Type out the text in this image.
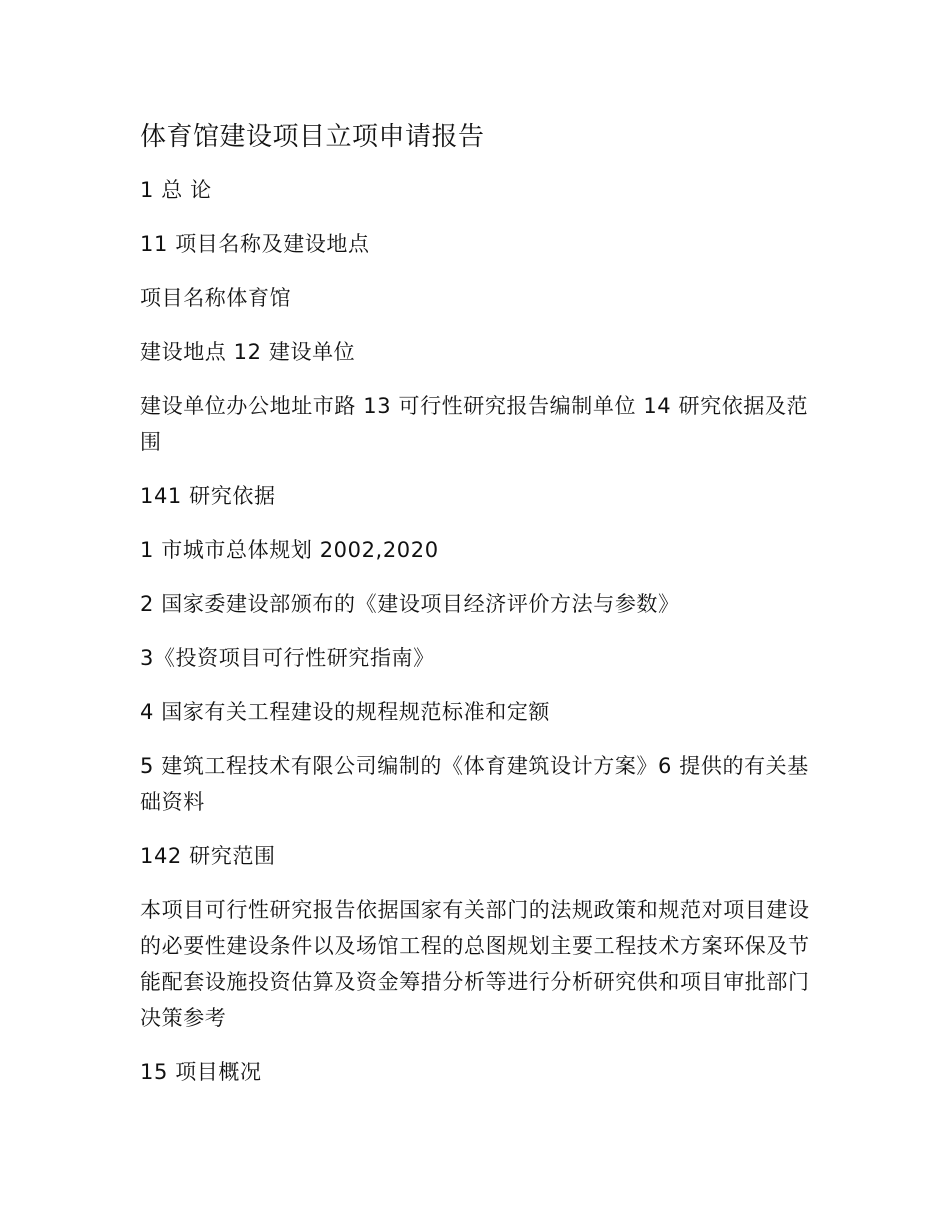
体育馆建设项目立项申请报告

1 总 论

11 项目名称及建设地点

项目名称体育馆

建设地点 12 建设单位

建设单位办公地址市路 13 可行性研究报告编制单位 14 研究依据及范围

141 研究依据

1 市城市总体规划 2002,2020

2 国家委建设部颁布的《建设项目经济评价方法与参数》

3《投资项目可行性研究指南》

4 国家有关工程建设的规程规范标准和定额

5 建筑工程技术有限公司编制的《体育建筑设计方案》6 提供的有关基础资料

142 研究范围

本项目可行性研究报告依据国家有关部门的法规政策和规范对项目建设的必要性建设条件以及场馆工程的总图规划主要工程技术方案环保及节能配套设施投资估算及资金筹措分析等进行分析研究供和项目审批部门决策参考

15 项目概况
